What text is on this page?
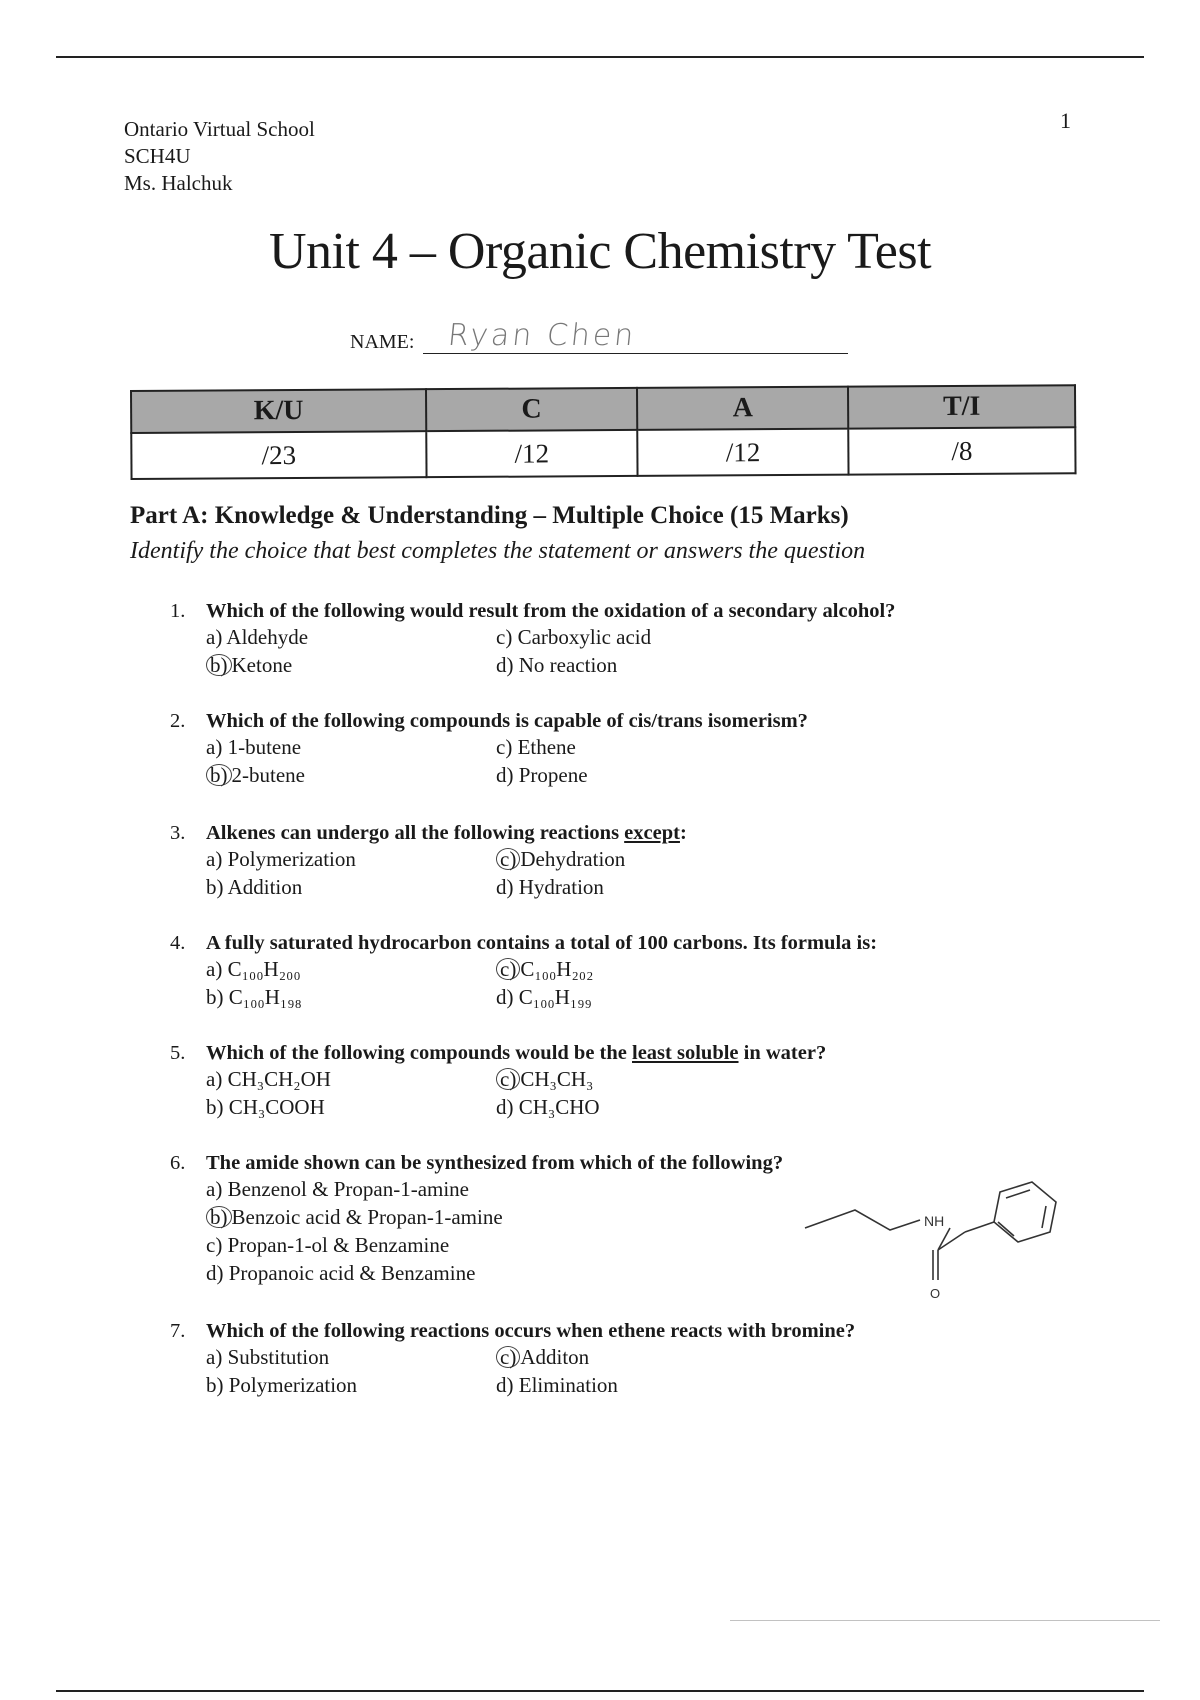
1
Ontario Virtual School
SCH4U
Ms. Halchuk
Unit 4 – Organic Chemistry Test
NAME: Ryan Chen
K/U	C	A	T/I
/23	/12	/12	/8
Part A: Knowledge & Understanding – Multiple Choice (15 Marks)
Identify the choice that best completes the statement or answers the question
1. Which of the following would result from the oxidation of a secondary alcohol?
a) Aldehyde	c) Carboxylic acid
b) Ketone	d) No reaction
2. Which of the following compounds is capable of cis/trans isomerism?
a) 1-butene	c) Ethene
b) 2-butene	d) Propene
3. Alkenes can undergo all the following reactions except:
a) Polymerization	c) Dehydration
b) Addition	d) Hydration
4. A fully saturated hydrocarbon contains a total of 100 carbons. Its formula is:
a) C₁₀₀H₂₀₀	c) C₁₀₀H₂₀₂
b) C₁₀₀H₁₉₈	d) C₁₀₀H₁₉₉
5. Which of the following compounds would be the least soluble in water?
a) CH₃CH₂OH	c) CH₃CH₃
b) CH₃COOH	d) CH₃CHO
6. The amide shown can be synthesized from which of the following?
a) Benzenol & Propan-1-amine
b) Benzoic acid & Propan-1-amine
c) Propan-1-ol & Benzamine
d) Propanoic acid & Benzamine
NH
O
7. Which of the following reactions occurs when ethene reacts with bromine?
a) Substitution	c) Additon
b) Polymerization	d) Elimination
